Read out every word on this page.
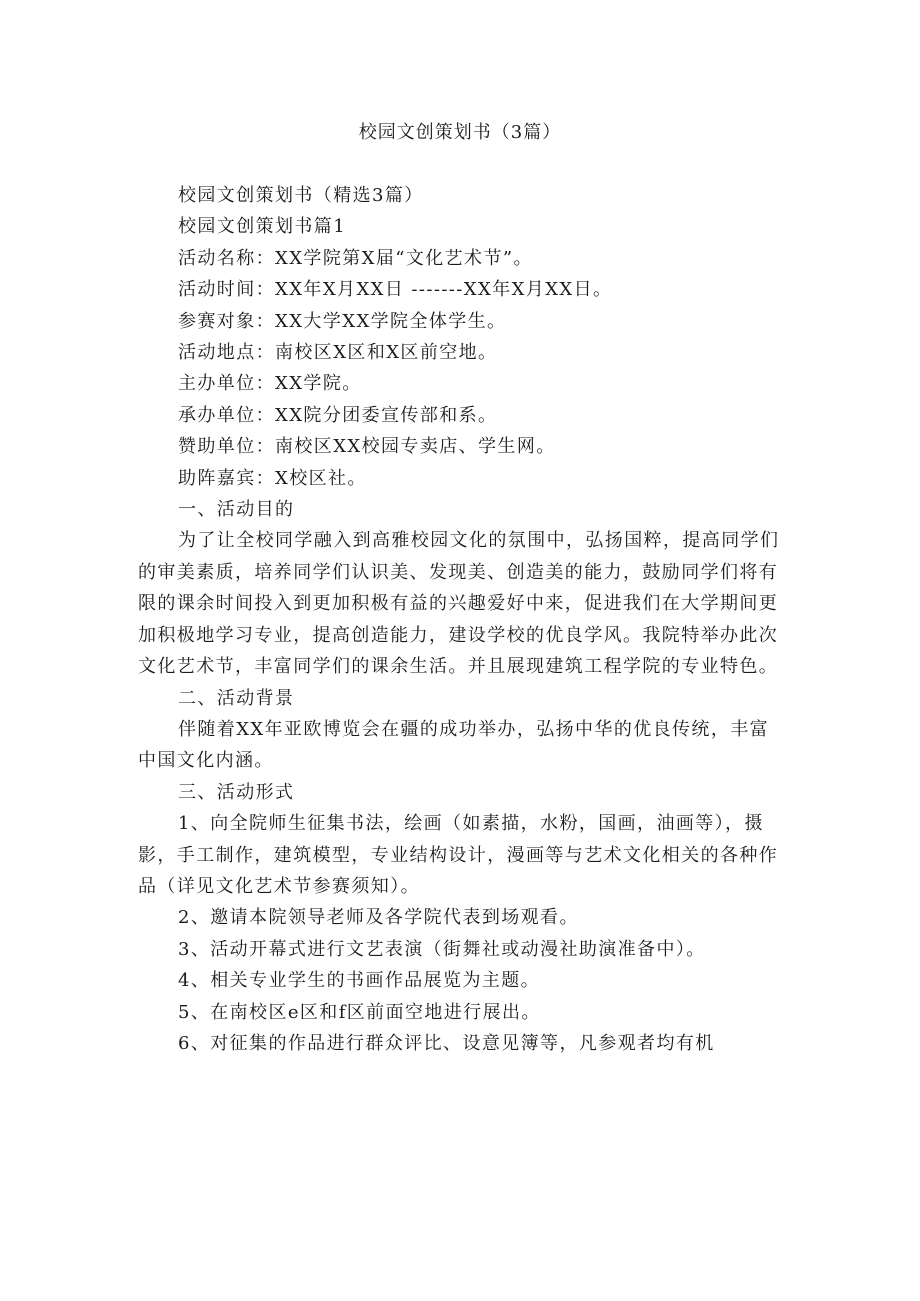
校园文创策划书（3篇）

校园文创策划书（精选3篇）

校园文创策划书篇1

活动名称：XX学院第X届“文化艺术节”。

活动时间：XX年X月XX日 -------XX年X月XX日。

参赛对象：XX大学XX学院全体学生。

活动地点：南校区X区和X区前空地。

主办单位：XX学院。

承办单位：XX院分团委宣传部和系。

赞助单位：南校区XX校园专卖店、学生网。

助阵嘉宾：X校区社。

一、活动目的

为了让全校同学融入到高雅校园文化的氛围中，弘扬国粹，提高同学们的审美素质，培养同学们认识美、发现美、创造美的能力，鼓励同学们将有限的课余时间投入到更加积极有益的兴趣爱好中来，促进我们在大学期间更加积极地学习专业，提高创造能力，建设学校的优良学风。我院特举办此次文化艺术节，丰富同学们的课余生活。并且展现建筑工程学院的专业特色。

二、活动背景

伴随着XX年亚欧博览会在疆的成功举办，弘扬中华的优良传统，丰富中国文化内涵。

三、活动形式

1、向全院师生征集书法，绘画（如素描，水粉，国画，油画等），摄影，手工制作，建筑模型，专业结构设计，漫画等与艺术文化相关的各种作品（详见文化艺术节参赛须知）。

2、邀请本院领导老师及各学院代表到场观看。

3、活动开幕式进行文艺表演（街舞社或动漫社助演准备中）。

4、相关专业学生的书画作品展览为主题。

5、在南校区e区和f区前面空地进行展出。

6、对征集的作品进行群众评比、设意见簿等，凡参观者均有机
